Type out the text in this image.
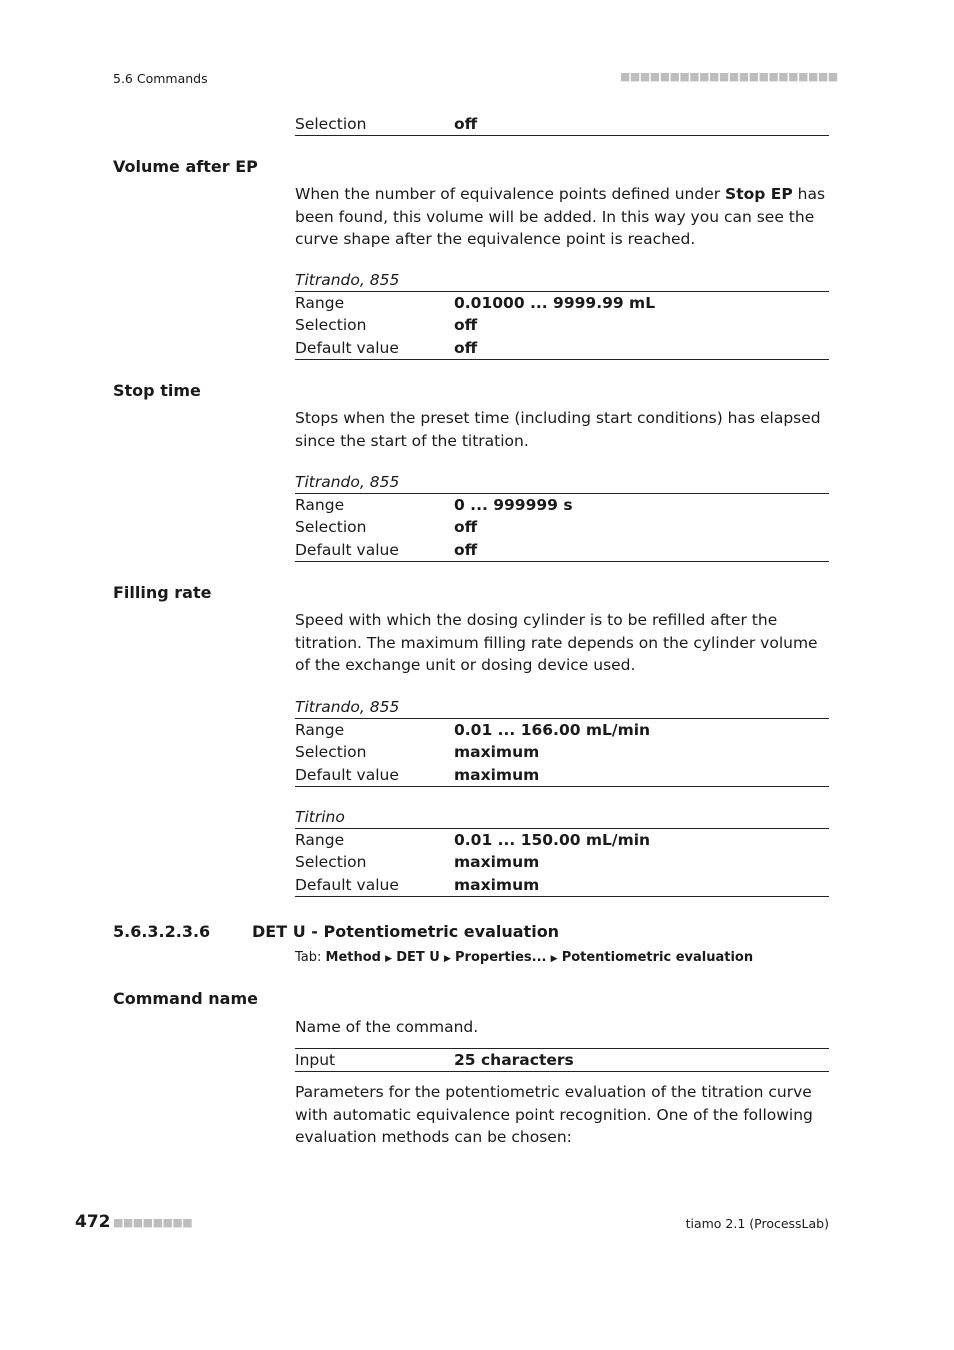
5.6 Commands	■■■■■■■■■■■■■■■■■■■■■■
Selection	off
Volume after EP
When the number of equivalence points defined under Stop EP has been found, this volume will be added. In this way you can see the curve shape after the equivalence point is reached.
Titrando, 855
Range	0.01000 ... 9999.99 mL
Selection	off
Default value	off
Stop time
Stops when the preset time (including start conditions) has elapsed since the start of the titration.
Titrando, 855
Range	0 ... 999999 s
Selection	off
Default value	off
Filling rate
Speed with which the dosing cylinder is to be refilled after the titration. The maximum filling rate depends on the cylinder volume of the exchange unit or dosing device used.
Titrando, 855
Range	0.01 ... 166.00 mL/min
Selection	maximum
Default value	maximum
Titrino
Range	0.01 ... 150.00 mL/min
Selection	maximum
Default value	maximum
5.6.3.2.3.6	DET U - Potentiometric evaluation
Tab: Method ▶ DET U ▶ Properties... ▶ Potentiometric evaluation
Command name
Name of the command.
Input	25 characters
Parameters for the potentiometric evaluation of the titration curve with automatic equivalence point recognition. One of the following evaluation methods can be chosen:
472 ■■■■■■■■	tiamo 2.1 (ProcessLab)
